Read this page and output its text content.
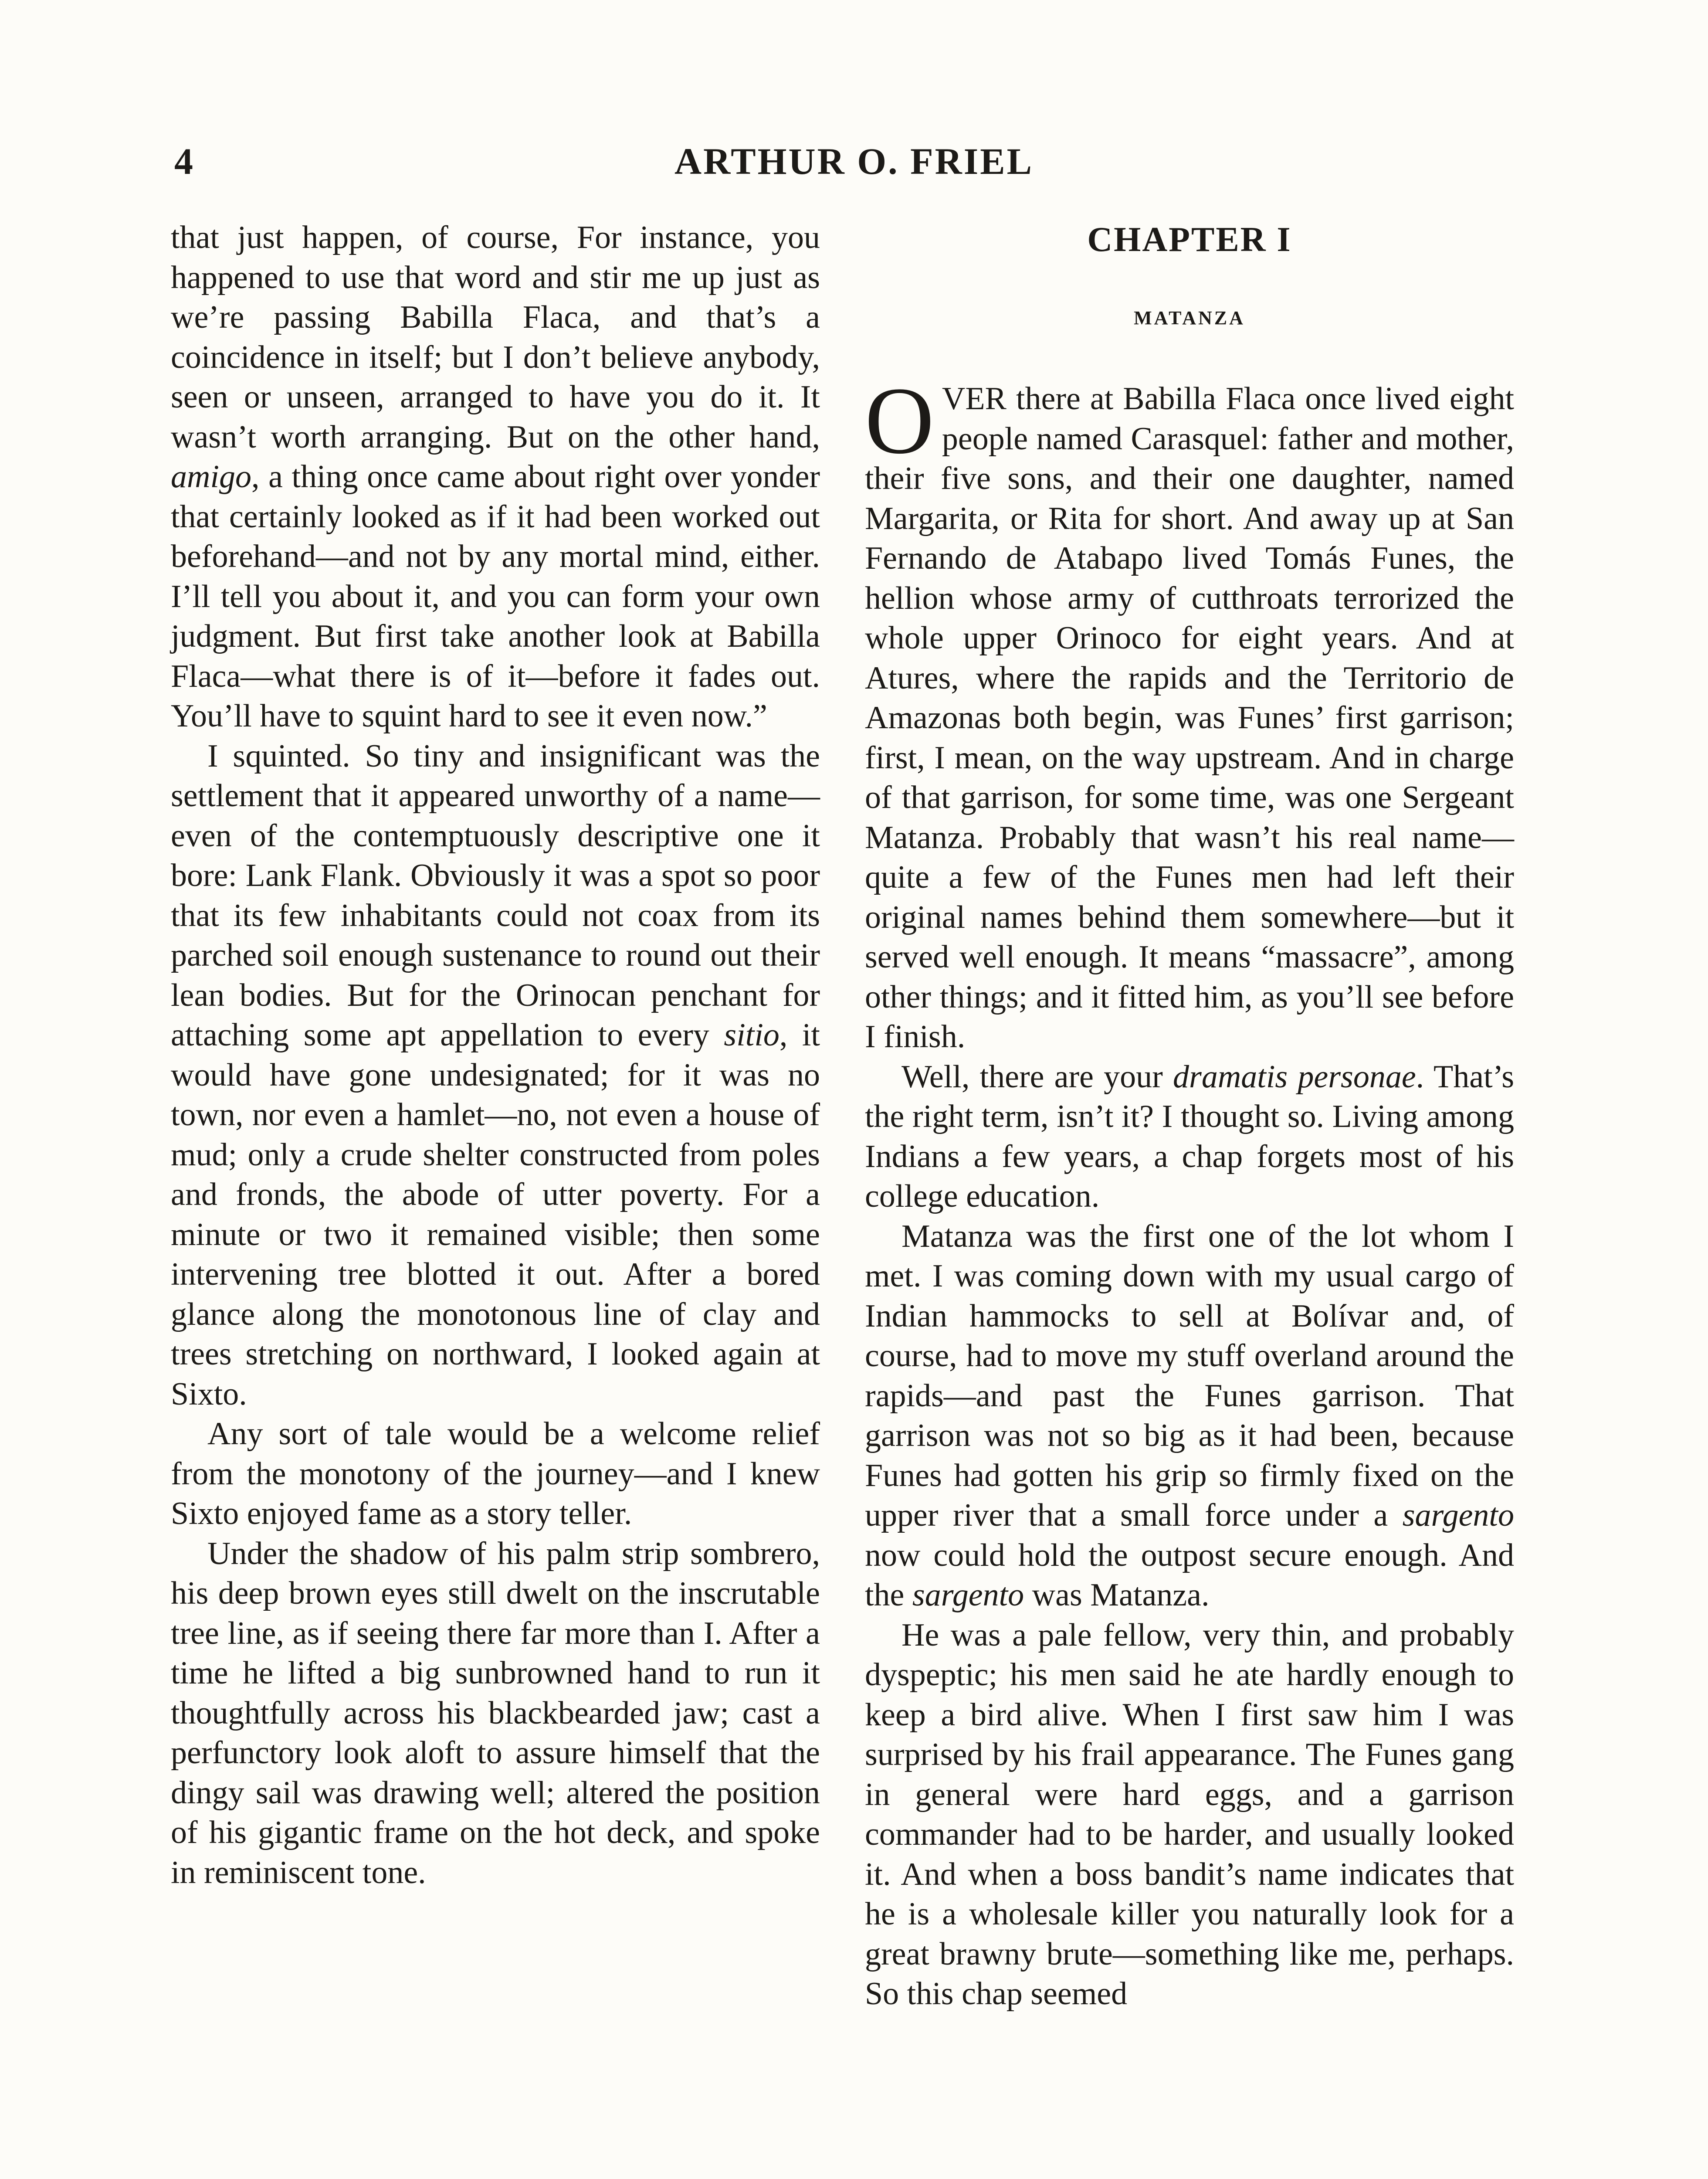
4	ARTHUR O. FRIEL

that just happen, of course, For instance, you happened to use that word and stir me up just as we’re passing Babilla Flaca, and that’s a coincidence in itself; but I don’t believe anybody, seen or unseen, arranged to have you do it. It wasn’t worth arranging. But on the other hand, amigo, a thing once came about right over yonder that certainly looked as if it had been worked out beforehand—and not by any mortal mind, either. I’ll tell you about it, and you can form your own judgment. But first take another look at Babilla Flaca—what there is of it—before it fades out. You’ll have to squint hard to see it even now.”

I squinted. So tiny and insignificant was the settlement that it appeared unworthy of a name—even of the contemptuously descriptive one it bore: Lank Flank. Obviously it was a spot so poor that its few inhabitants could not coax from its parched soil enough sustenance to round out their lean bodies. But for the Orinocan penchant for attaching some apt appellation to every sitio, it would have gone undesignated; for it was no town, nor even a hamlet—no, not even a house of mud; only a crude shelter constructed from poles and fronds, the abode of utter poverty. For a minute or two it remained visible; then some intervening tree blotted it out. After a bored glance along the monotonous line of clay and trees stretching on northward, I looked again at Sixto.

Any sort of tale would be a welcome relief from the monotony of the journey—and I knew Sixto enjoyed fame as a story teller.

Under the shadow of his palm strip sombrero, his deep brown eyes still dwelt on the inscrutable tree line, as if seeing there far more than I. After a time he lifted a big sunbrowned hand to run it thoughtfully across his blackbearded jaw; cast a perfunctory look aloft to assure himself that the dingy sail was drawing well; altered the position of his gigantic frame on the hot deck, and spoke in reminiscent tone.

CHAPTER I
MATANZA

OVER there at Babilla Flaca once lived eight people named Carasquel: father and mother, their five sons, and their one daughter, named Margarita, or Rita for short. And away up at San Fernando de Atabapo lived Tomás Funes, the hellion whose army of cutthroats terrorized the whole upper Orinoco for eight years. And at Atures, where the rapids and the Territorio de Amazonas both begin, was Funes’ first garrison; first, I mean, on the way upstream. And in charge of that garrison, for some time, was one Sergeant Matanza. Probably that wasn’t his real name—quite a few of the Funes men had left their original names behind them somewhere—but it served well enough. It means “massacre”, among other things; and it fitted him, as you’ll see before I finish.

Well, there are your dramatis personae. That’s the right term, isn’t it? I thought so. Living among Indians a few years, a chap forgets most of his college education.

Matanza was the first one of the lot whom I met. I was coming down with my usual cargo of Indian hammocks to sell at Bolívar and, of course, had to move my stuff overland around the rapids—and past the Funes garrison. That garrison was not so big as it had been, because Funes had gotten his grip so firmly fixed on the upper river that a small force under a sargento now could hold the outpost secure enough. And the sargento was Matanza.

He was a pale fellow, very thin, and probably dyspeptic; his men said he ate hardly enough to keep a bird alive. When I first saw him I was surprised by his frail appearance. The Funes gang in general were hard eggs, and a garrison commander had to be harder, and usually looked it. And when a boss bandit’s name indicates that he is a wholesale killer you naturally look for a great brawny brute—something like me, perhaps. So this chap seemed
